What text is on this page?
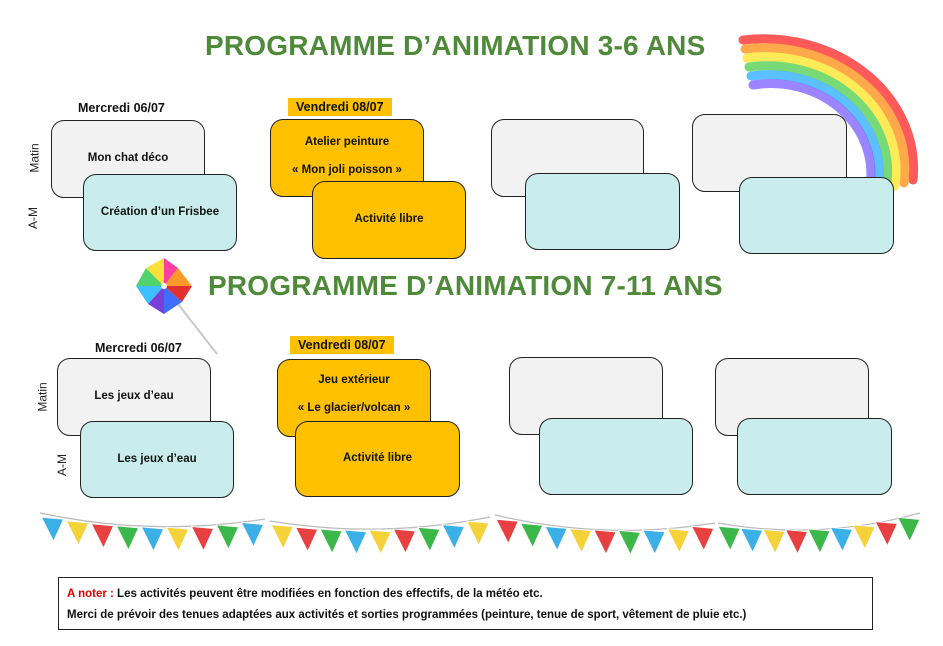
PROGRAMME D’ANIMATION 3-6 ANS
Mercredi 06/07	Vendredi 08/07
Matin
A-M
Mon chat déco
Création d’un Frisbee
Atelier peinture
« Mon joli poisson »
Activité libre
PROGRAMME D’ANIMATION 7-11 ANS
Mercredi 06/07	Vendredi 08/07
Matin
A-M
Les jeux d’eau
Les jeux d’eau
Jeu extérieur
« Le glacier/volcan »
Activité libre
A noter : Les activités peuvent être modifiées en fonction des effectifs, de la météo etc.
Merci de prévoir des tenues adaptées aux activités et sorties programmées (peinture, tenue de sport, vêtement de pluie etc.)
